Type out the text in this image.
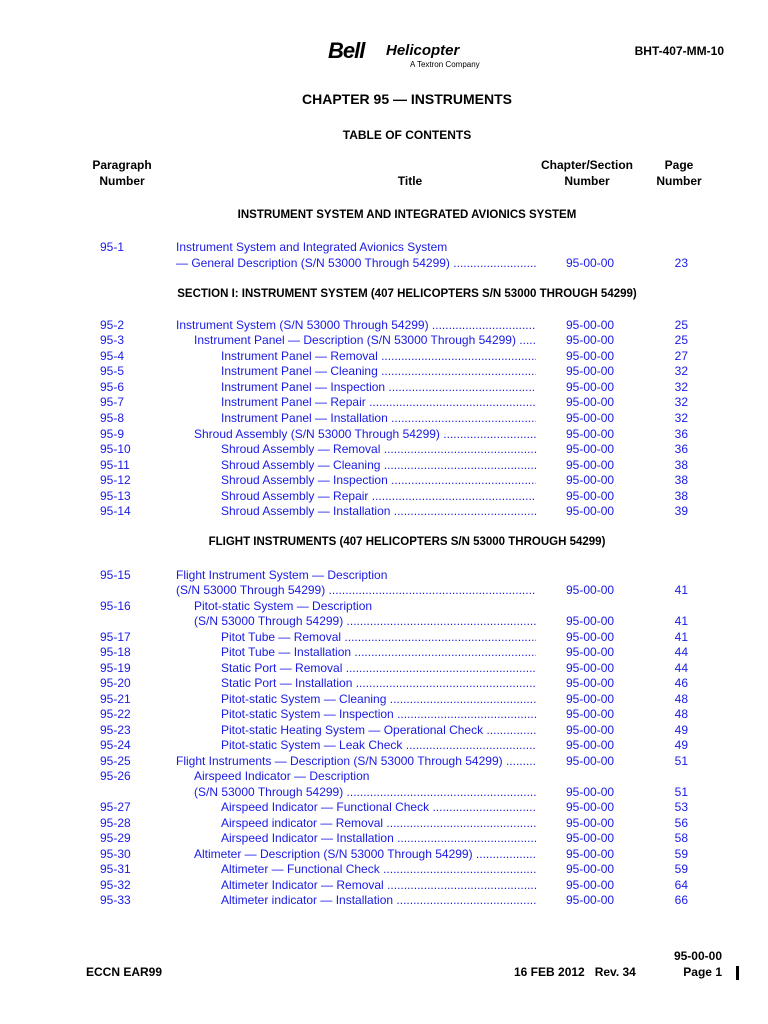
Bell Helicopter
A Textron Company
BHT-407-MM-10
CHAPTER 95 — INSTRUMENTS
TABLE OF CONTENTS
Paragraph
Number	Title
Chapter/Section
Number
Page
Number
INSTRUMENT SYSTEM AND INTEGRATED AVIONICS SYSTEM
SECTION I: INSTRUMENT SYSTEM (407 HELICOPTERS S/N 53000 THROUGH 54299)
FLIGHT INSTRUMENTS (407 HELICOPTERS S/N 53000 THROUGH 54299)
95-1	Instrument System and Integrated Avionics System
— General Description (S/N 53000 Through 54299) .....	95-00-00	23
95-2	Instrument System (S/N 53000 Through 54299) .....	95-00-00	25
95-3	Instrument Panel — Description (S/N 53000 Through 54299) .....	95-00-00	25
95-4	Instrument Panel — Removal .....	95-00-00	27
95-5	Instrument Panel — Cleaning .....	95-00-00	32
95-6	Instrument Panel — Inspection .....	95-00-00	32
95-7	Instrument Panel — Repair .....	95-00-00	32
95-8	Instrument Panel — Installation .....	95-00-00	32
95-9	Shroud Assembly (S/N 53000 Through 54299) .....	95-00-00	36
95-10	Shroud Assembly — Removal .....	95-00-00	36
95-11	Shroud Assembly — Cleaning .....	95-00-00	38
95-12	Shroud Assembly — Inspection .....	95-00-00	38
95-13	Shroud Assembly — Repair .....	95-00-00	38
95-14	Shroud Assembly — Installation .....	95-00-00	39
95-15	Flight Instrument System — Description
(S/N 53000 Through 54299) .....	95-00-00	41
95-16	Pitot-static System — Description
(S/N 53000 Through 54299) .....	95-00-00	41
95-17	Pitot Tube — Removal .....	95-00-00	41
95-18	Pitot Tube — Installation .....	95-00-00	44
95-19	Static Port — Removal .....	95-00-00	44
95-20	Static Port — Installation .....	95-00-00	46
95-21	Pitot-static System — Cleaning .....	95-00-00	48
95-22	Pitot-static System — Inspection .....	95-00-00	48
95-23	Pitot-static Heating System — Operational Check .....	95-00-00	49
95-24	Pitot-static System — Leak Check .....	95-00-00	49
95-25	Flight Instruments — Description (S/N 53000 Through 54299) .....	95-00-00	51
95-26	Airspeed Indicator — Description
(S/N 53000 Through 54299) .....	95-00-00	51
95-27	Airspeed Indicator — Functional Check .....	95-00-00	53
95-28	Airspeed indicator — Removal .....	95-00-00	56
95-29	Airspeed Indicator — Installation .....	95-00-00	58
95-30	Altimeter — Description (S/N 53000 Through 54299) .....	95-00-00	59
95-31	Altimeter — Functional Check .....	95-00-00	59
95-32	Altimeter Indicator — Removal .....	95-00-00	64
95-33	Altimeter indicator — Installation .....	95-00-00	66
95-00-00
ECCN EAR99	16 FEB 2012   Rev. 34	Page 1
